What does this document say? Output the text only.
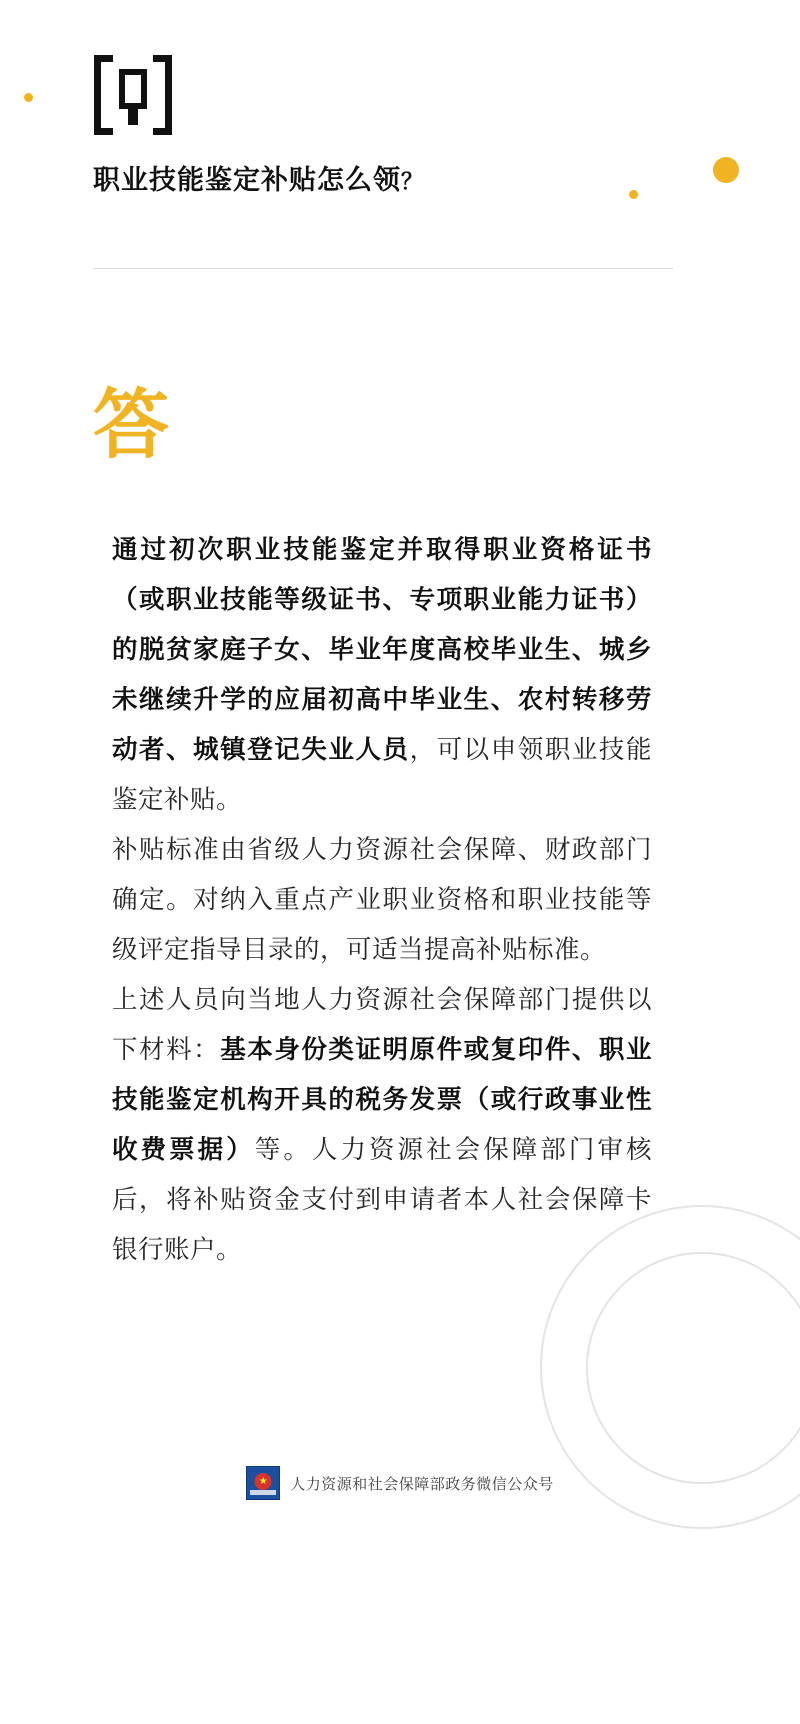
职业技能鉴定补贴怎么领？
答

通过初次职业技能鉴定并取得职业资格证书（或职业技能等级证书、专项职业能力证书）的脱贫家庭子女、毕业年度高校毕业生、城乡未继续升学的应届初高中毕业生、农村转移劳动者、城镇登记失业人员，可以申领职业技能鉴定补贴。

补贴标准由省级人力资源社会保障、财政部门确定。对纳入重点产业职业资格和职业技能等级评定指导目录的，可适当提高补贴标准。

上述人员向当地人力资源社会保障部门提供以下材料：基本身份类证明原件或复印件、职业技能鉴定机构开具的税务发票（或行政事业性收费票据）等。人力资源社会保障部门审核后，将补贴资金支付到申请者本人社会保障卡银行账户。

★
人力资源和社会保障部政务微信公众号
